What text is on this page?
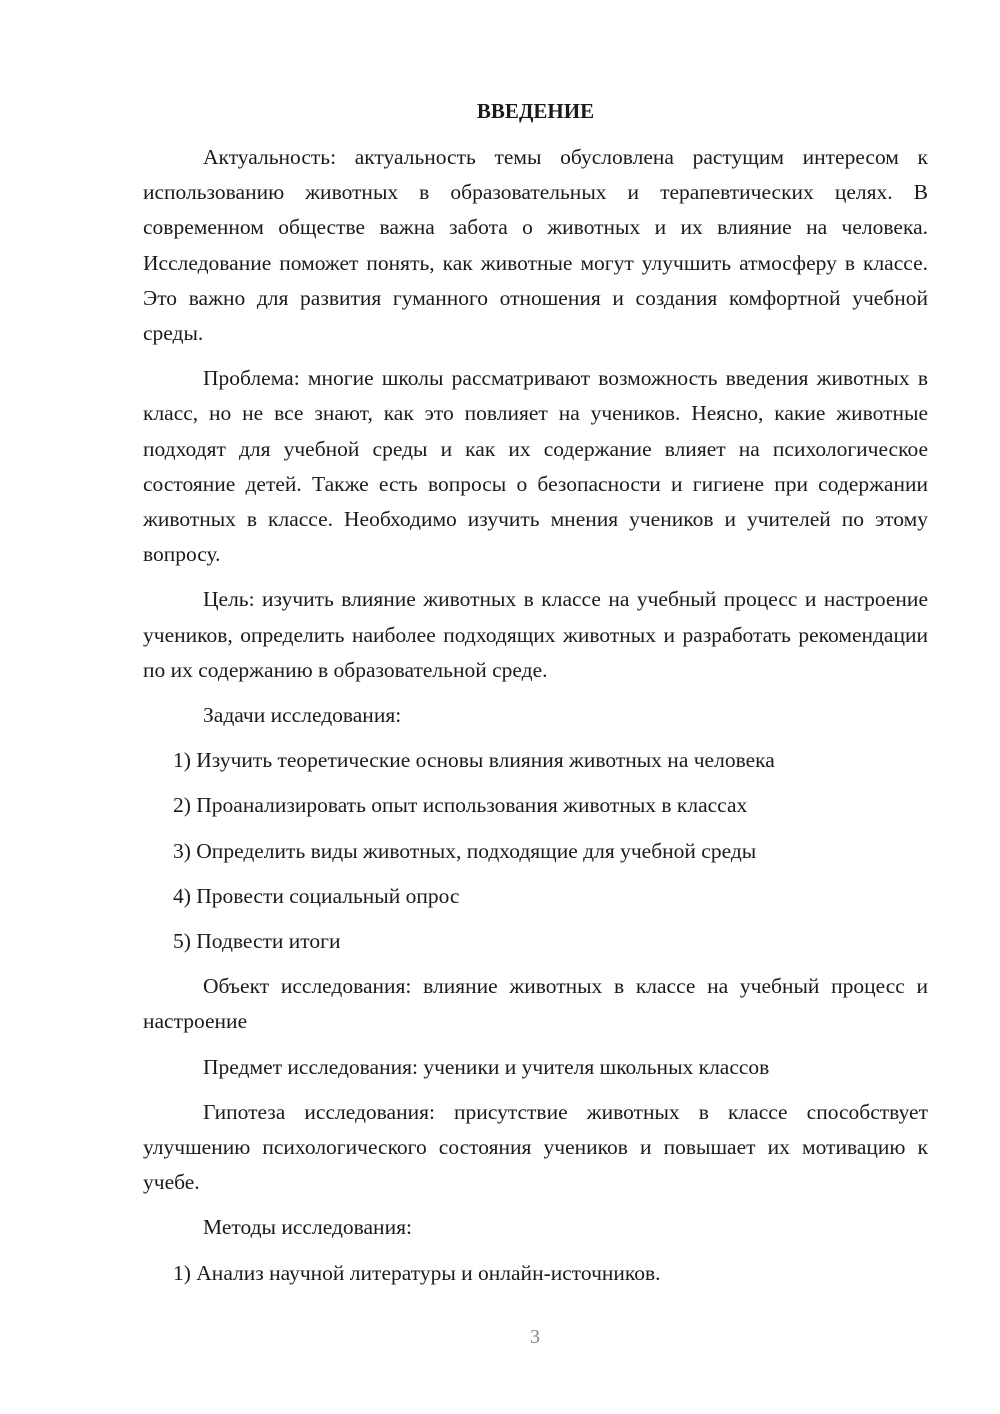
ВВЕДЕНИЕ

Актуальность: актуальность темы обусловлена растущим интересом к использованию животных в образовательных и терапевтических целях. В современном обществе важна забота о животных и их влияние на человека. Исследование поможет понять, как животные могут улучшить атмосферу в классе. Это важно для развития гуманного отношения и создания комфортной учебной среды.

Проблема: многие школы рассматривают возможность введения животных в класс, но не все знают, как это повлияет на учеников. Неясно, какие животные подходят для учебной среды и как их содержание влияет на психологическое состояние детей. Также есть вопросы о безопасности и гигиене при содержании животных в классе. Необходимо изучить мнения учеников и учителей по этому вопросу.

Цель: изучить влияние животных в классе на учебный процесс и настроение учеников, определить наиболее подходящих животных и разработать рекомендации по их содержанию в образовательной среде.

Задачи исследования:

1) Изучить теоретические основы влияния животных на человека

2) Проанализировать опыт использования животных в классах

3) Определить виды животных, подходящие для учебной среды

4) Провести социальный опрос

5) Подвести итоги

Объект исследования: влияние животных в классе на учебный процесс и настроение

Предмет исследования: ученики и учителя школьных классов

Гипотеза исследования: присутствие животных в классе способствует улучшению психологического состояния учеников и повышает их мотивацию к учебе.

Методы исследования:

1) Анализ научной литературы и онлайн-источников.

3
